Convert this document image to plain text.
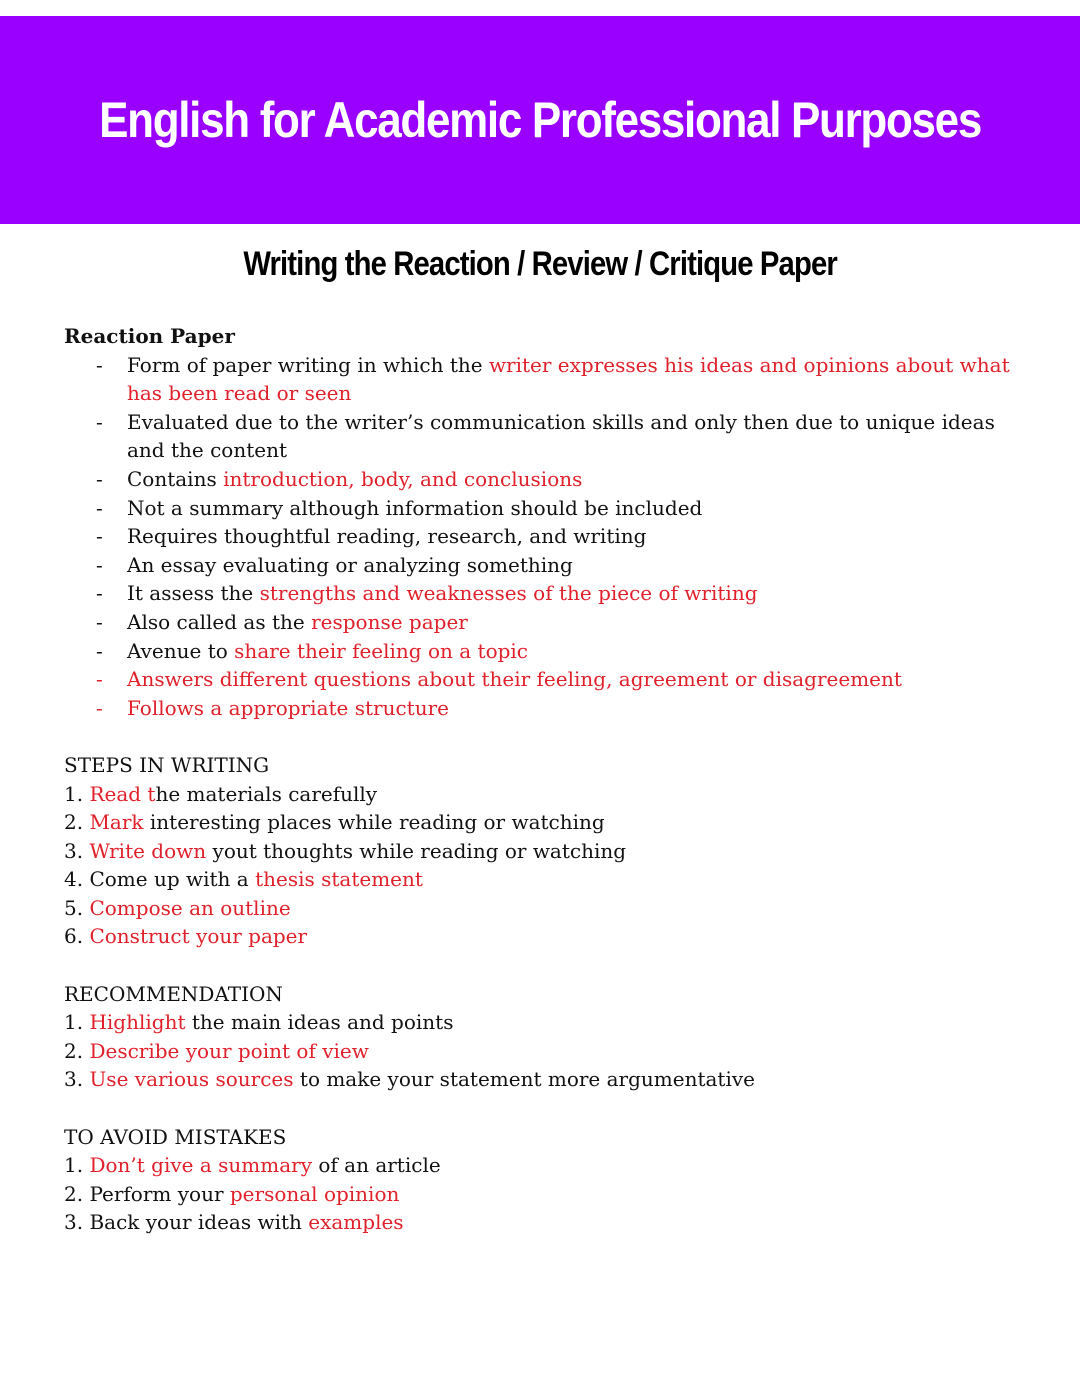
English for Academic Professional Purposes
Writing the Reaction / Review / Critique Paper
Reaction Paper
-	Form of paper writing in which the writer expresses his ideas and opinions about what has been read or seen
-	Evaluated due to the writer’s communication skills and only then due to unique ideas and the content
-	Contains introduction, body, and conclusions
-	Not a summary although information should be included
-	Requires thoughtful reading, research, and writing
-	An essay evaluating or analyzing something
-	It assess the strengths and weaknesses of the piece of writing
-	Also called as the response paper
-	Avenue to share their feeling on a topic
-	Answers different questions about their feeling, agreement or disagreement
-	Follows a appropriate structure
STEPS IN WRITING
1. Read the materials carefully
2. Mark interesting places while reading or watching
3. Write down yout thoughts while reading or watching
4. Come up with a thesis statement
5. Compose an outline
6. Construct your paper
RECOMMENDATION
1. Highlight the main ideas and points
2. Describe your point of view
3. Use various sources to make your statement more argumentative
TO AVOID MISTAKES
1. Don’t give a summary of an article
2. Perform your personal opinion
3. Back your ideas with examples
